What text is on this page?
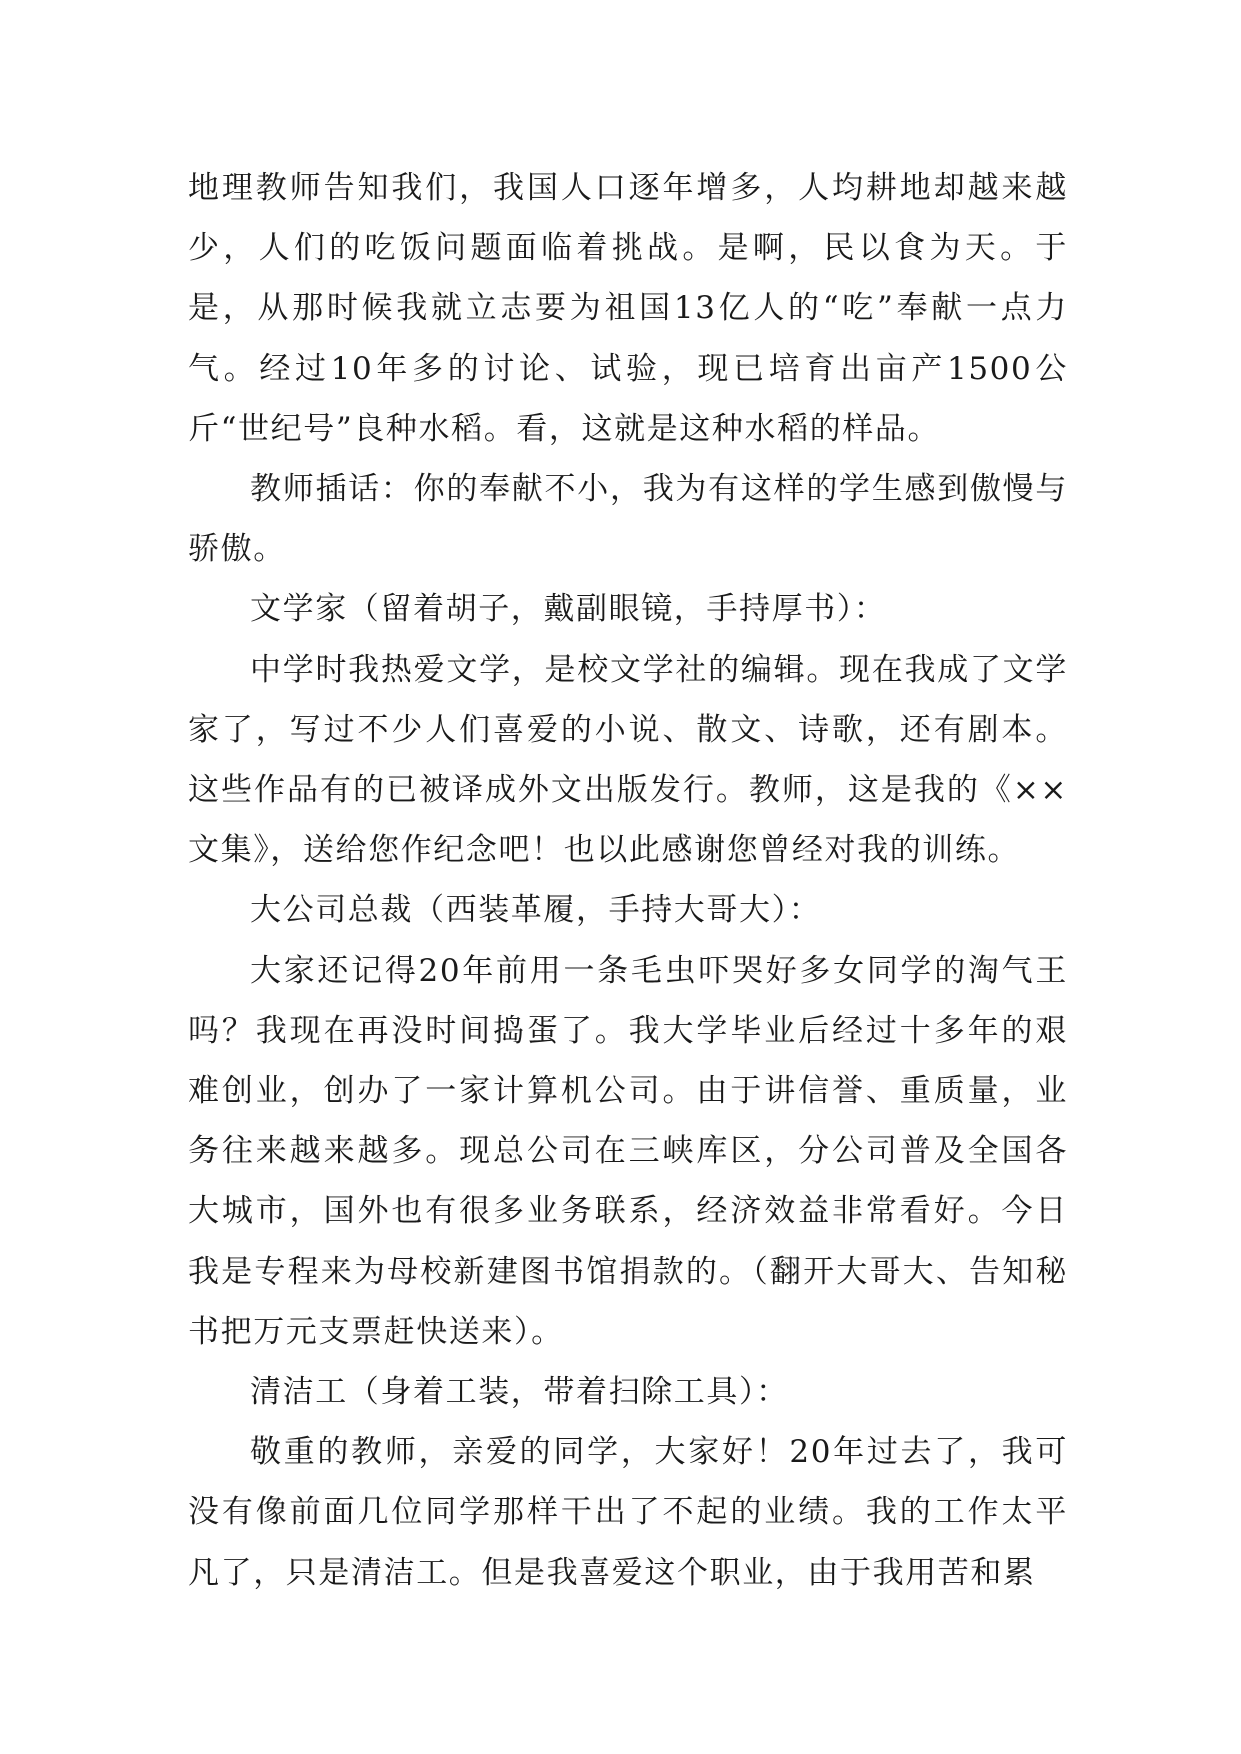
地理教师告知我们，我国人口逐年增多，人均耕地却越来越少，人们的吃饭问题面临着挑战。是啊，民以食为天。于是，从那时候我就立志要为祖国13亿人的“吃”奉献一点力气。经过10年多的讨论、试验，现已培育出亩产1500公斤“世纪号”良种水稻。看，这就是这种水稻的样品。

教师插话：你的奉献不小，我为有这样的学生感到傲慢与骄傲。

文学家（留着胡子，戴副眼镜，手持厚书）：

中学时我热爱文学，是校文学社的编辑。现在我成了文学家了，写过不少人们喜爱的小说、散文、诗歌，还有剧本。这些作品有的已被译成外文出版发行。教师，这是我的《××文集》，送给您作纪念吧！也以此感谢您曾经对我的训练。

大公司总裁（西装革履，手持大哥大）：

大家还记得20年前用一条毛虫吓哭好多女同学的淘气王吗？我现在再没时间捣蛋了。我大学毕业后经过十多年的艰难创业，创办了一家计算机公司。由于讲信誉、重质量，业务往来越来越多。现总公司在三峡库区，分公司普及全国各大城市，国外也有很多业务联系，经济效益非常看好。今日我是专程来为母校新建图书馆捐款的。（翻开大哥大、告知秘书把万元支票赶快送来）。

清洁工（身着工装，带着扫除工具）：

敬重的教师，亲爱的同学，大家好！20年过去了，我可没有像前面几位同学那样干出了不起的业绩。我的工作太平凡了，只是清洁工。但是我喜爱这个职业，由于我用苦和累
